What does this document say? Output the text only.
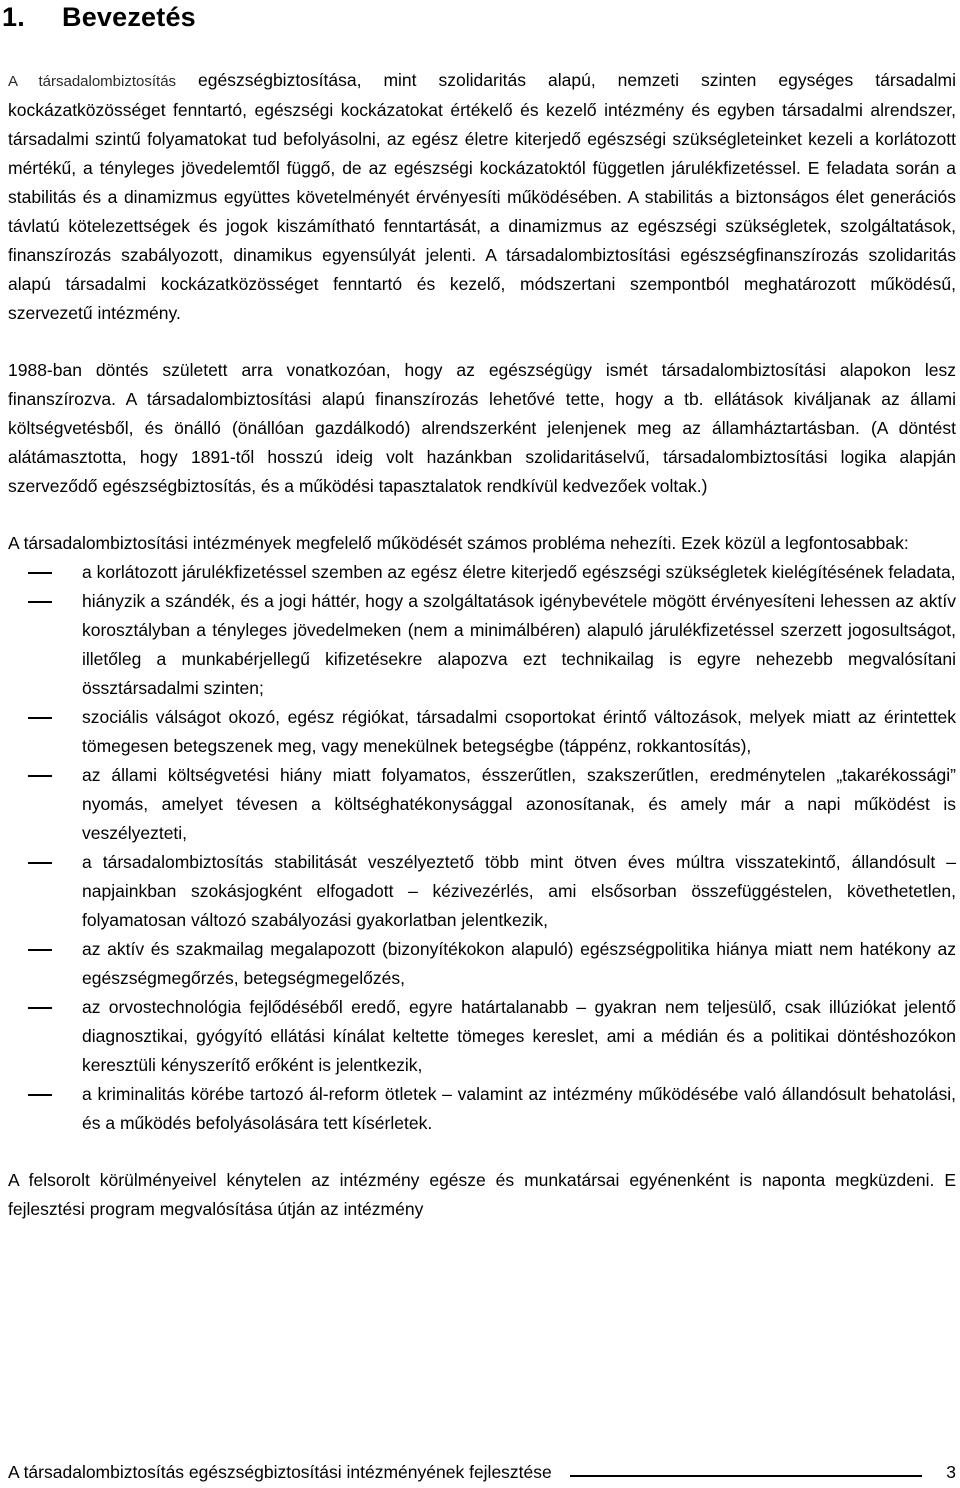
1. Bevezetés

A társadalombiztosítás egészségbiztosítása, mint szolidaritás alapú, nemzeti szinten egységes társadalmi kockázatközösséget fenntartó, egészségi kockázatokat értékelő és kezelő intézmény és egyben társadalmi alrendszer, társadalmi szintű folyamatokat tud befolyásolni, az egész életre kiterjedő egészségi szükségleteinket kezeli a korlátozott mértékű, a tényleges jövedelemtől függő, de az egészségi kockázatoktól független járulékfizetéssel. E feladata során a stabilitás és a dinamizmus együttes követelményét érvényesíti működésében. A stabilitás a biztonságos élet generációs távlatú kötelezettségek és jogok kiszámítható fenntartását, a dinamizmus az egészségi szükségletek, szolgáltatások, finanszírozás szabályozott, dinamikus egyensúlyát jelenti. A társadalombiztosítási egészségfinanszírozás szolidaritás alapú társadalmi kockázatközösséget fenntartó és kezelő, módszertani szempontból meghatározott működésű, szervezetű intézmény.

1988-ban döntés született arra vonatkozóan, hogy az egészségügy ismét társadalombiztosítási alapokon lesz finanszírozva. A társadalombiztosítási alapú finanszírozás lehetővé tette, hogy a tb. ellátások kiváljanak az állami költségvetésből, és önálló (önállóan gazdálkodó) alrendszerként jelenjenek meg az államháztartásban. (A döntést alátámasztotta, hogy 1891-től hosszú ideig volt hazánkban szolidaritáselvű, társadalombiztosítási logika alapján szerveződő egészségbiztosítás, és a működési tapasztalatok rendkívül kedvezőek voltak.)

A társadalombiztosítási intézmények megfelelő működését számos probléma nehezíti. Ezek közül a legfontosabbak:

a korlátozott járulékfizetéssel szemben az egész életre kiterjedő egészségi szükségletek kielégítésének feladata,
hiányzik a szándék, és a jogi háttér, hogy a szolgáltatások igénybevétele mögött érvényesíteni lehessen az aktív korosztályban a tényleges jövedelmeken (nem a minimálbéren) alapuló járulékfizetéssel szerzett jogosultságot, illetőleg a munkabérjellegű kifizetésekre alapozva ezt technikailag is egyre nehezebb megvalósítani össztársadalmi szinten;
szociális válságot okozó, egész régiókat, társadalmi csoportokat érintő változások, melyek miatt az érintettek tömegesen betegszenek meg, vagy menekülnek betegségbe (táppénz, rokkantosítás),
az állami költségvetési hiány miatt folyamatos, ésszerűtlen, szakszerűtlen, eredménytelen „takarékossági” nyomás, amelyet tévesen a költséghatékonysággal azonosítanak, és amely már a napi működést is veszélyezteti,
a társadalombiztosítás stabilitását veszélyeztető több mint ötven éves múltra visszatekintő, állandósult – napjainkban szokásjogként elfogadott – kézivezérlés, ami elsősorban összefüggéstelen, követhetetlen, folyamatosan változó szabályozási gyakorlatban jelentkezik,
az aktív és szakmailag megalapozott (bizonyítékokon alapuló) egészségpolitika hiánya miatt nem hatékony az egészségmegőrzés, betegségmegelőzés,
az orvostechnológia fejlődéséből eredő, egyre határtalanabb – gyakran nem teljesülő, csak illúziókat jelentő diagnosztikai, gyógyító ellátási kínálat keltette tömeges kereslet, ami a médián és a politikai döntéshozókon keresztüli kényszerítő erőként is jelentkezik,
a kriminalitás körébe tartozó ál-reform ötletek – valamint az intézmény működésébe való állandósult behatolási, és a működés befolyásolására tett kísérletek.

A felsorolt körülményeivel kénytelen az intézmény egésze és munkatársai egyénenként is naponta megküzdeni. E fejlesztési program megvalósítása útján az intézmény

A társadalombiztosítás egészségbiztosítási intézményének fejlesztése	3
